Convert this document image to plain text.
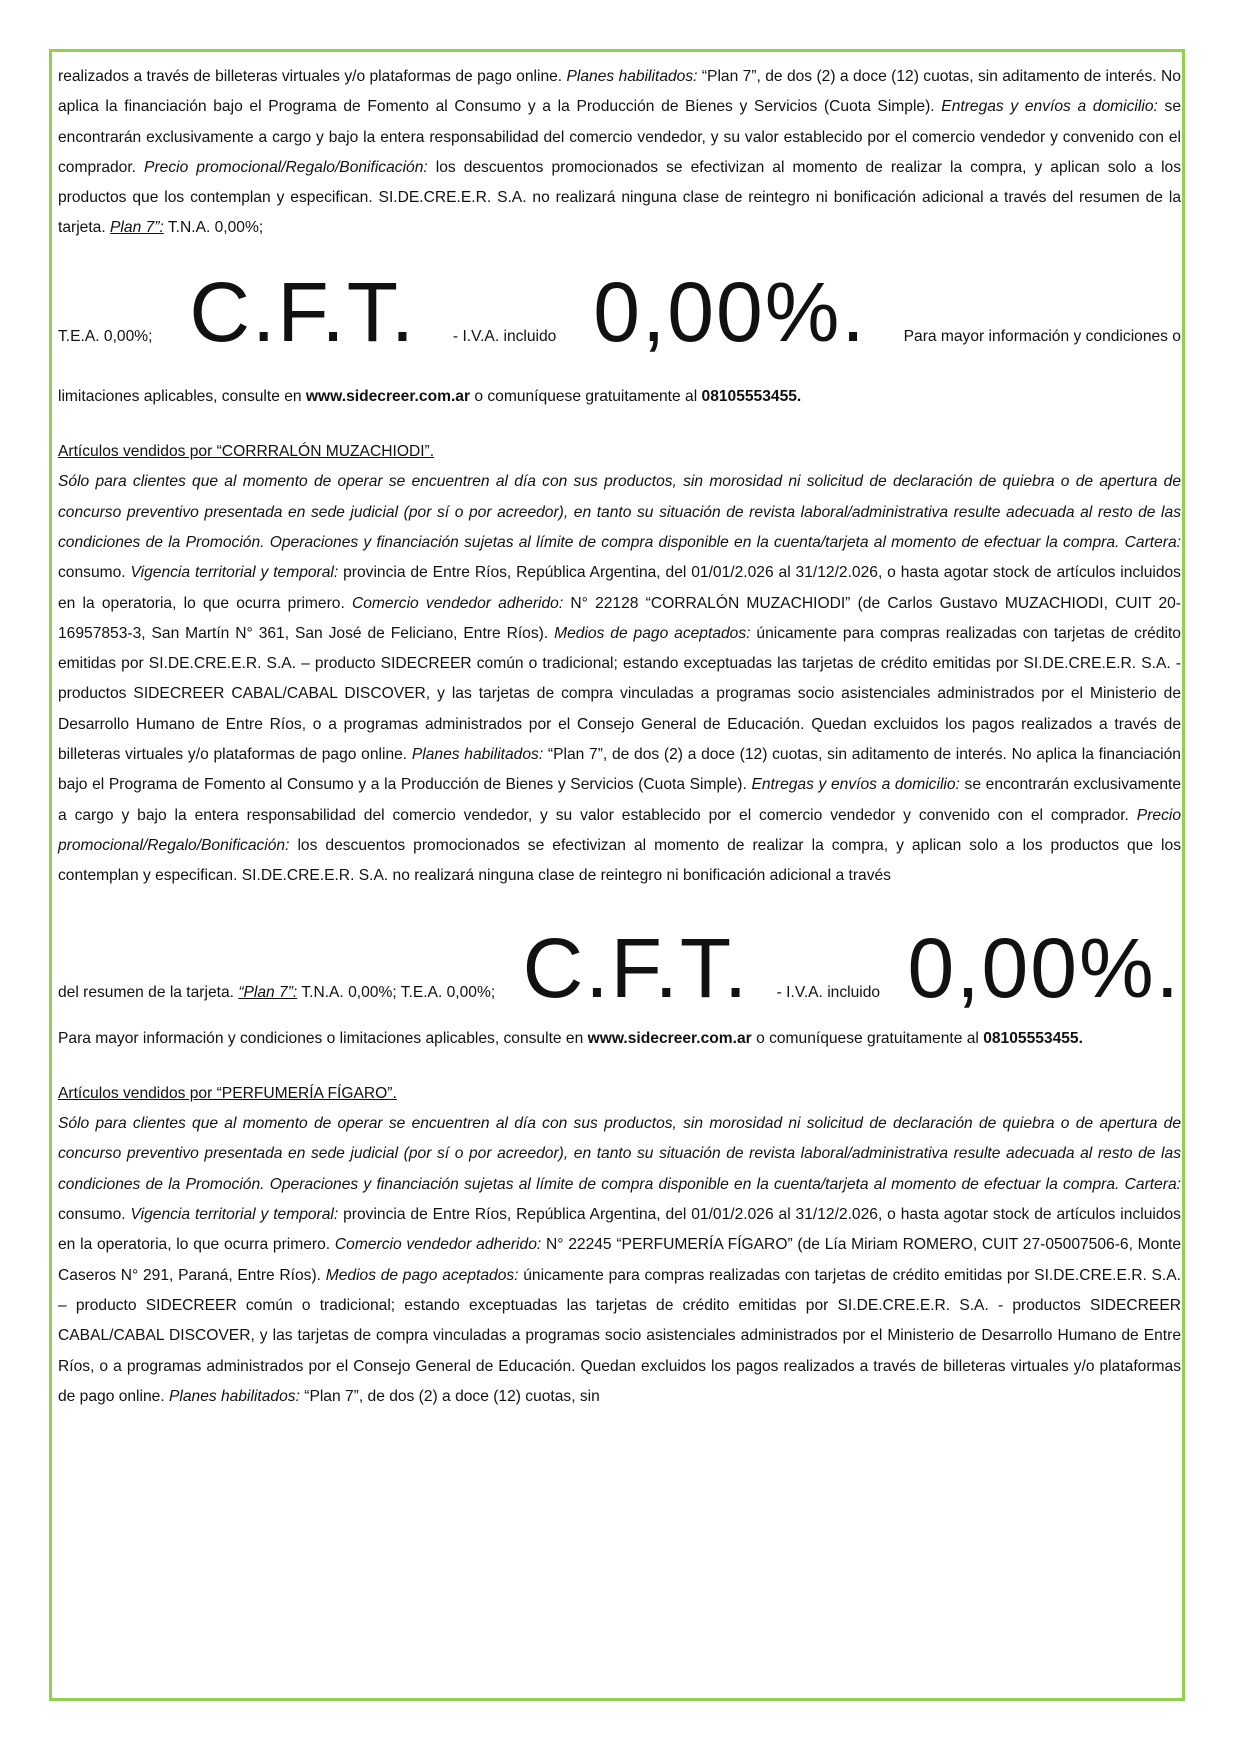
realizados a través de billeteras virtuales y/o plataformas de pago online. Planes habilitados: “Plan 7”, de dos (2) a doce (12) cuotas, sin aditamento de interés. No aplica la financiación bajo el Programa de Fomento al Consumo y a la Producción de Bienes y Servicios (Cuota Simple). Entregas y envíos a domicilio: se encontrarán exclusivamente a cargo y bajo la entera responsabilidad del comercio vendedor, y su valor establecido por el comercio vendedor y convenido con el comprador. Precio promocional/Regalo/Bonificación: los descuentos promocionados se efectivizan al momento de realizar la compra, y aplican solo a los productos que los contemplan y especifican. SI.DE.CRE.E.R. S.A. no realizará ninguna clase de reintegro ni bonificación adicional a través del resumen de la tarjeta. Plan 7”: T.N.A. 0,00%;

T.E.A. 0,00%; C.F.T. - I.V.A. incluido 0,00%. Para mayor información y condiciones o

limitaciones aplicables, consulte en www.sidecreer.com.ar o comuníquese gratuitamente al 08105553455.

Artículos vendidos por “CORRRALÓN MUZACHIODI”.

Sólo para clientes que al momento de operar se encuentren al día con sus productos, sin morosidad ni solicitud de declaración de quiebra o de apertura de concurso preventivo presentada en sede judicial (por sí o por acreedor), en tanto su situación de revista laboral/administrativa resulte adecuada al resto de las condiciones de la Promoción. Operaciones y financiación sujetas al límite de compra disponible en la cuenta/tarjeta al momento de efectuar la compra. Cartera: consumo. Vigencia territorial y temporal: provincia de Entre Ríos, República Argentina, del 01/01/2.026 al 31/12/2.026, o hasta agotar stock de artículos incluidos en la operatoria, lo que ocurra primero. Comercio vendedor adherido: N° 22128 “CORRALÓN MUZACHIODI” (de Carlos Gustavo MUZACHIODI, CUIT 20-16957853-3, San Martín N° 361, San José de Feliciano, Entre Ríos). Medios de pago aceptados: únicamente para compras realizadas con tarjetas de crédito emitidas por SI.DE.CRE.E.R. S.A. – producto SIDECREER común o tradicional; estando exceptuadas las tarjetas de crédito emitidas por SI.DE.CRE.E.R. S.A. - productos SIDECREER CABAL/CABAL DISCOVER, y las tarjetas de compra vinculadas a programas socio asistenciales administrados por el Ministerio de Desarrollo Humano de Entre Ríos, o a programas administrados por el Consejo General de Educación. Quedan excluidos los pagos realizados a través de billeteras virtuales y/o plataformas de pago online. Planes habilitados: “Plan 7”, de dos (2) a doce (12) cuotas, sin aditamento de interés. No aplica la financiación bajo el Programa de Fomento al Consumo y a la Producción de Bienes y Servicios (Cuota Simple). Entregas y envíos a domicilio: se encontrarán exclusivamente a cargo y bajo la entera responsabilidad del comercio vendedor, y su valor establecido por el comercio vendedor y convenido con el comprador. Precio promocional/Regalo/Bonificación: los descuentos promocionados se efectivizan al momento de realizar la compra, y aplican solo a los productos que los contemplan y especifican. SI.DE.CRE.E.R. S.A. no realizará ninguna clase de reintegro ni bonificación adicional a través

del resumen de la tarjeta. “Plan 7”: T.N.A. 0,00%; T.E.A. 0,00%; C.F.T. - I.V.A. incluido 0,00%.

Para mayor información y condiciones o limitaciones aplicables, consulte en www.sidecreer.com.ar o comuníquese gratuitamente al 08105553455.

Artículos vendidos por “PERFUMERÍA FÍGARO”.

Sólo para clientes que al momento de operar se encuentren al día con sus productos, sin morosidad ni solicitud de declaración de quiebra o de apertura de concurso preventivo presentada en sede judicial (por sí o por acreedor), en tanto su situación de revista laboral/administrativa resulte adecuada al resto de las condiciones de la Promoción. Operaciones y financiación sujetas al límite de compra disponible en la cuenta/tarjeta al momento de efectuar la compra. Cartera: consumo. Vigencia territorial y temporal: provincia de Entre Ríos, República Argentina, del 01/01/2.026 al 31/12/2.026, o hasta agotar stock de artículos incluidos en la operatoria, lo que ocurra primero. Comercio vendedor adherido: N° 22245 “PERFUMERÍA FÍGARO” (de Lía Miriam ROMERO, CUIT 27-05007506-6, Monte Caseros N° 291, Paraná, Entre Ríos). Medios de pago aceptados: únicamente para compras realizadas con tarjetas de crédito emitidas por SI.DE.CRE.E.R. S.A. – producto SIDECREER común o tradicional; estando exceptuadas las tarjetas de crédito emitidas por SI.DE.CRE.E.R. S.A. - productos SIDECREER CABAL/CABAL DISCOVER, y las tarjetas de compra vinculadas a programas socio asistenciales administrados por el Ministerio de Desarrollo Humano de Entre Ríos, o a programas administrados por el Consejo General de Educación. Quedan excluidos los pagos realizados a través de billeteras virtuales y/o plataformas de pago online. Planes habilitados: “Plan 7”, de dos (2) a doce (12) cuotas, sin
